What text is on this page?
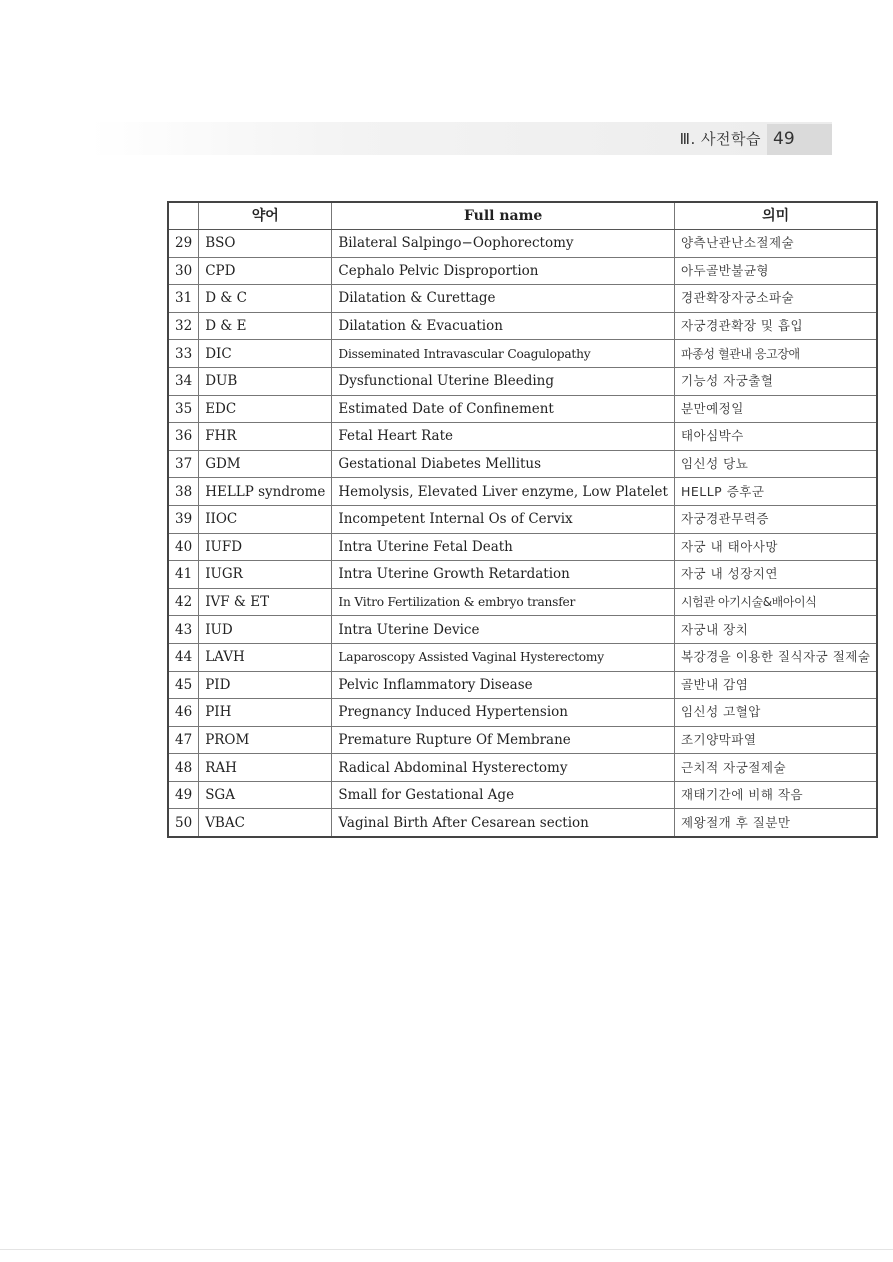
Ⅲ. 사전학습 49
	약어	Full name	의미
29	BSO	Bilateral Salpingo−Oophorectomy	양측난관난소절제술
30	CPD	Cephalo Pelvic Disproportion	아두골반불균형
31	D & C	Dilatation & Curettage	경관확장자궁소파술
32	D & E	Dilatation & Evacuation	자궁경관확장 및 흡입
33	DIC	Disseminated Intravascular Coagulopathy	파종성 혈관내 응고장애
34	DUB	Dysfunctional Uterine Bleeding	기능성 자궁출혈
35	EDC	Estimated Date of Confinement	분만예정일
36	FHR	Fetal Heart Rate	태아심박수
37	GDM	Gestational Diabetes Mellitus	임신성 당뇨
38	HELLP syndrome	Hemolysis, Elevated Liver enzyme, Low Platelet	HELLP 증후군
39	IIOC	Incompetent Internal Os of Cervix	자궁경관무력증
40	IUFD	Intra Uterine Fetal Death	자궁 내 태아사망
41	IUGR	Intra Uterine Growth Retardation	자궁 내 성장지연
42	IVF & ET	In Vitro Fertilization & embryo transfer	시험관 아기시술&배아이식
43	IUD	Intra Uterine Device	자궁내 장치
44	LAVH	Laparoscopy Assisted Vaginal Hysterectomy	복강경을 이용한 질식자궁 절제술
45	PID	Pelvic Inflammatory Disease	골반내 감염
46	PIH	Pregnancy Induced Hypertension	임신성 고혈압
47	PROM	Premature Rupture Of Membrane	조기양막파열
48	RAH	Radical Abdominal Hysterectomy	근치적 자궁절제술
49	SGA	Small for Gestational Age	재태기간에 비해 작음
50	VBAC	Vaginal Birth After Cesarean section	제왕절개 후 질분만
